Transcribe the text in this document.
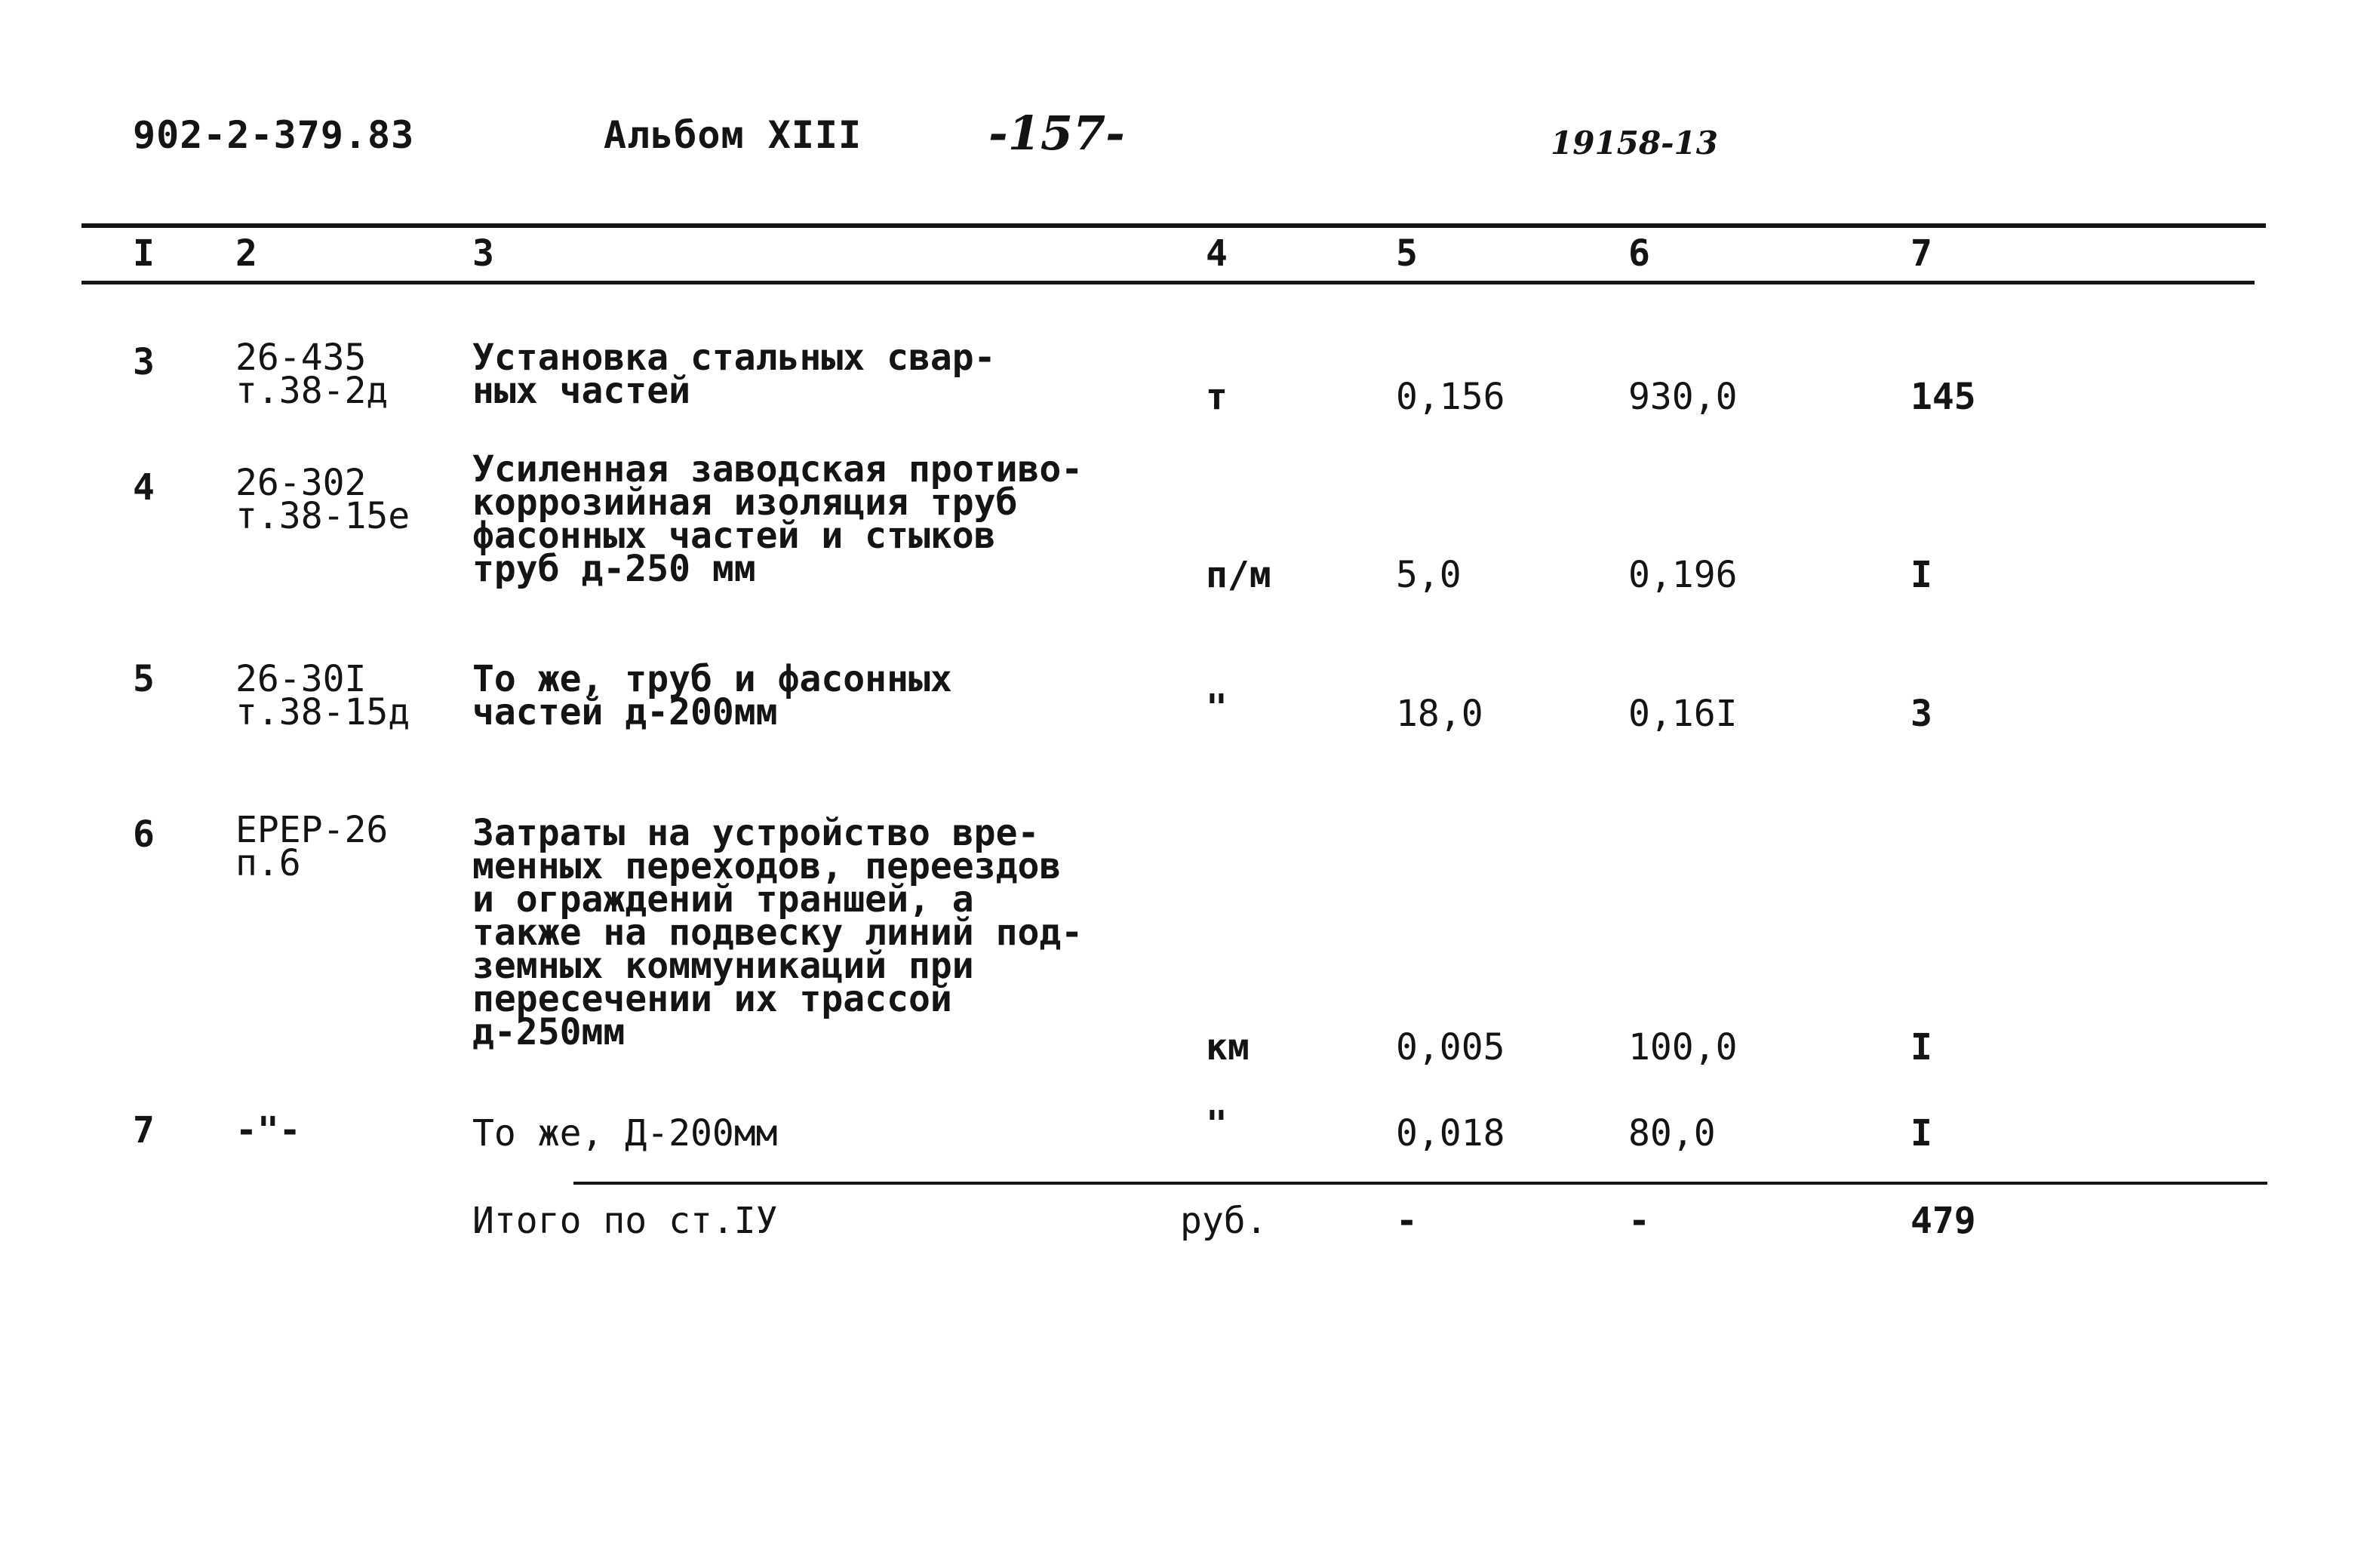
902-2-379.83	Альбом XIII	-157-	19158-13
I 2	3	4	5	6	7
3 26-435
т.38-2д
Установка стальных свар-
ных частей	т	0,156	930,0	145
4 26-302
т.38-15е
Усиленная заводская противо-
коррозийная изоляция труб
фасонных частей и стыков
труб д-250 мм	п/м	5,0	0,196	I
5 26-30I
т.38-15д
То же, труб и фасонных
частей д-200мм	"	18,0	0,16I	3
6 ЕРЕР-26
п.6
Затраты на устройство вре-
менных переходов, переездов
и ограждений траншей, а
также на подвеску линий под-
земных коммуникаций при
пересечении их трассой
д-250мм	км	0,005	100,0	I
7 -"-	То же, Д-200мм	"	0,018	80,0	I
Итого по ст.IУ	руб.	-	-	479
